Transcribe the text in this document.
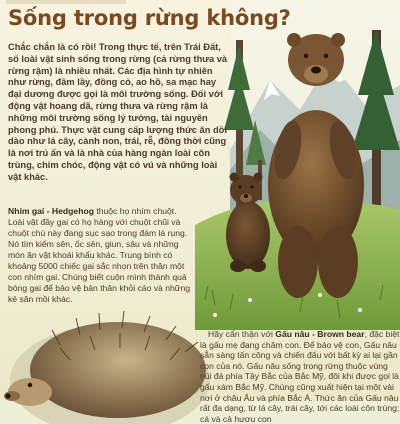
Sống trong rừng không?

Chắc chắn là có rồi! Trong thực tế, trên Trái Đất, số loài vật sinh sống trong rừng (cả rừng thưa và rừng rậm) là nhiều nhất. Các địa hình tự nhiên như rừng, đầm lầy, đồng cỏ, ao hồ, sa mạc hay đại dương được gọi là môi trường sống. Đối với động vật hoang dã, rừng thưa và rừng rậm là những môi trường sống lý tưởng, tài nguyên phong phú. Thực vật cung cấp lượng thức ăn dồi dào như lá cây, cành non, trái, rễ, đồng thời cũng là nơi trú ẩn và là nhà của hàng ngàn loài côn trùng, chim chóc, động vật có vú và những loài vật khác.

Nhím gai - Hedgehog thuộc họ nhím chuột. Loài vật đầy gai có họ hàng với chuột chũi và chuột chù này đang sục sạo trong đám lá rụng. Nó tìm kiếm sên, ốc sên, giun, sâu và những món ăn vặt khoái khẩu khác. Trung bình có khoảng 5000 chiếc gai sắc nhọn trên thân một con nhím gai. Chúng biết cuộn mình thành quả bóng gai để bảo vệ bản thân khỏi cáo và những kẻ săn mồi khác.

Hãy cẩn thận với Gấu nâu - Brown bear, đặc biệt là gấu mẹ đang chăm con. Để bảo vệ con, Gấu nâu sẵn sàng tấn công và chiến đấu với bất kỳ ai lại gần con của nó. Gấu nâu sống trong rừng thuộc vùng núi đá phía Tây Bắc của Bắc Mỹ, đôi khi được gọi là gấu xám Bắc Mỹ. Chúng cũng xuất hiện tại một vài nơi ở châu Âu và phía Bắc Á. Thức ăn của Gấu nâu rất đa dạng, từ lá cây, trái cây, tới các loài côn trùng; cá và cả hươu con
